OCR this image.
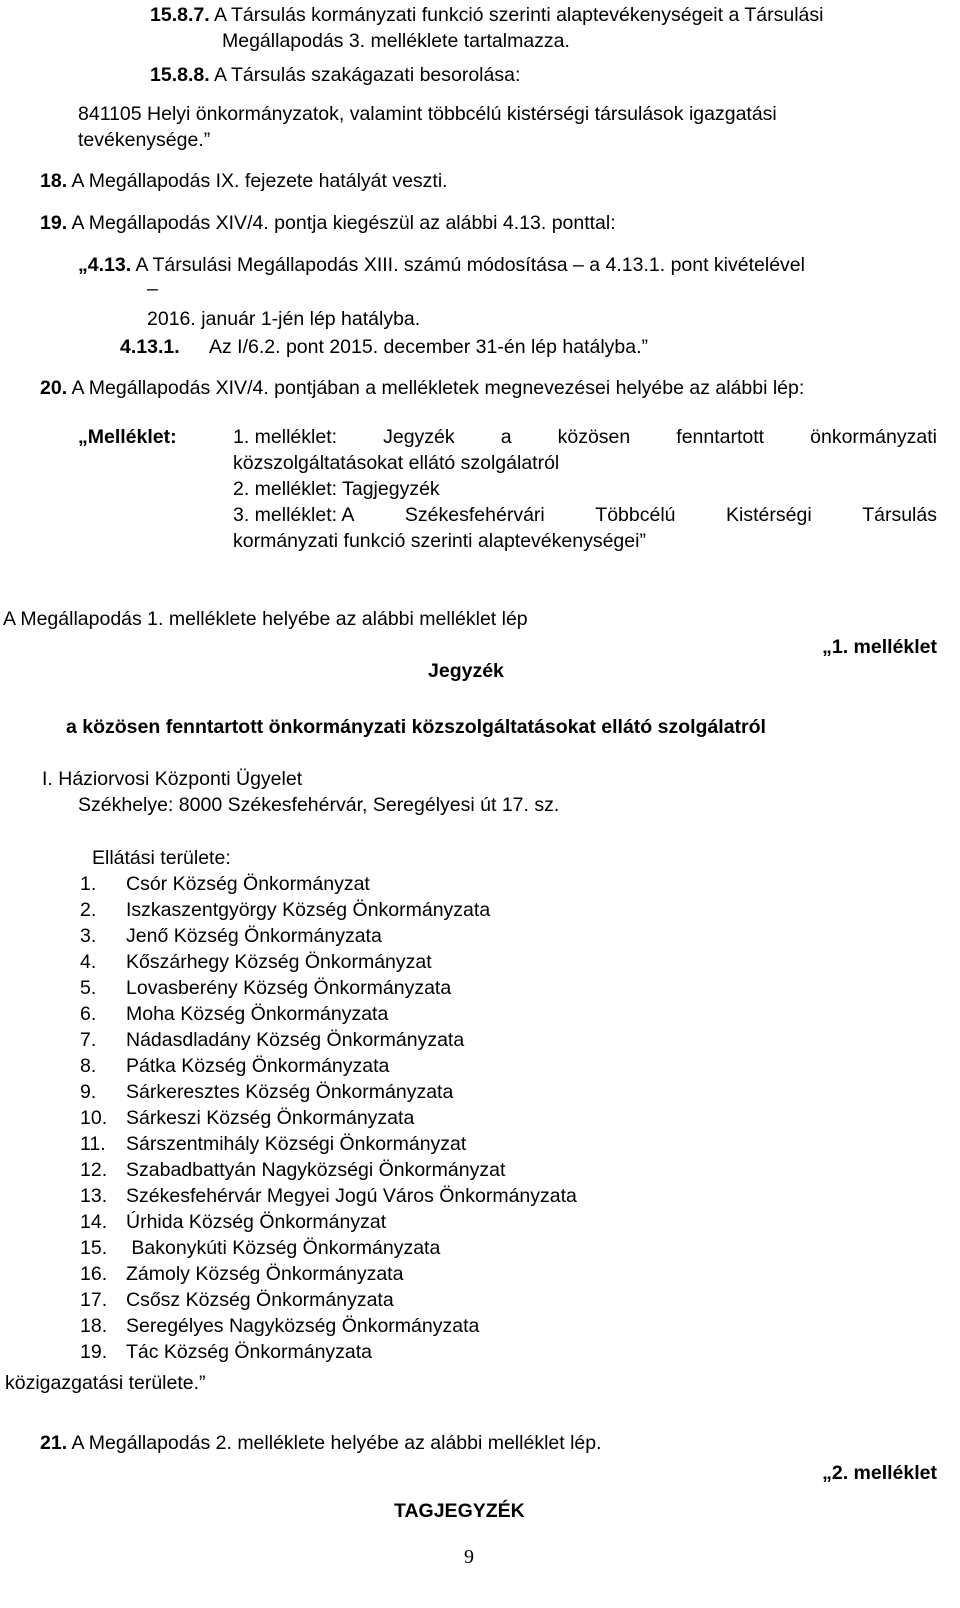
15.8.7. A Társulás kormányzati funkció szerinti alaptevékenységeit a Társulási
Megállapodás 3. melléklete tartalmazza.
15.8.8. A Társulás szakágazati besorolása:
841105 Helyi önkormányzatok, valamint többcélú kistérségi társulások igazgatási
tevékenysége.”
18. A Megállapodás IX. fejezete hatályát veszti.
19. A Megállapodás XIV/4. pontja kiegészül az alábbi 4.13. ponttal:
„4.13. A Társulási Megállapodás XIII. számú módosítása – a 4.13.1. pont kivételével
–
2016. január 1-jén lép hatályba.
4.13.1. Az I/6.2. pont 2015. december 31-én lép hatályba.”
20. A Megállapodás XIV/4. pontjában a mellékletek megnevezései helyébe az alábbi lép:
„Melléklet:	1. melléklet: Jegyzék a közösen fenntartott önkormányzati
közszolgáltatásokat ellátó szolgálatról
2. melléklet: Tagjegyzék
3. melléklet: A	Székesfehérvári	Többcélú	Kistérségi	Társulás
kormányzati funkció szerinti alaptevékenységei”
A Megállapodás 1. melléklete helyébe az alábbi melléklet lép
„1. melléklet
Jegyzék
a közösen fenntartott önkormányzati közszolgáltatásokat ellátó szolgálatról
I. Háziorvosi Központi Ügyelet
Székhelye: 8000 Székesfehérvár, Seregélyesi út 17. sz.
Ellátási területe:
1. Csór Község Önkormányzat
2. Iszkaszentgyörgy Község Önkormányzata
3. Jenő Község Önkormányzata
4. Kőszárhegy Község Önkormányzat
5. Lovasberény Község Önkormányzata
6. Moha Község Önkormányzata
7. Nádasdladány Község Önkormányzata
8. Pátka Község Önkormányzata
9. Sárkeresztes Község Önkormányzata
10. Sárkeszi Község Önkormányzata
11. Sárszentmihály Községi Önkormányzat
12. Szabadbattyán Nagyközségi Önkormányzat
13. Székesfehérvár Megyei Jogú Város Önkormányzata
14. Úrhida Község Önkormányzat
15. Bakonykúti Község Önkormányzata
16. Zámoly Község Önkormányzata
17. Csősz Község Önkormányzata
18. Seregélyes Nagyközség Önkormányzata
19. Tác Község Önkormányzata
közigazgatási területe.”
21. A Megállapodás 2. melléklete helyébe az alábbi melléklet lép.
„2. melléklet
TAGJEGYZÉK
9
